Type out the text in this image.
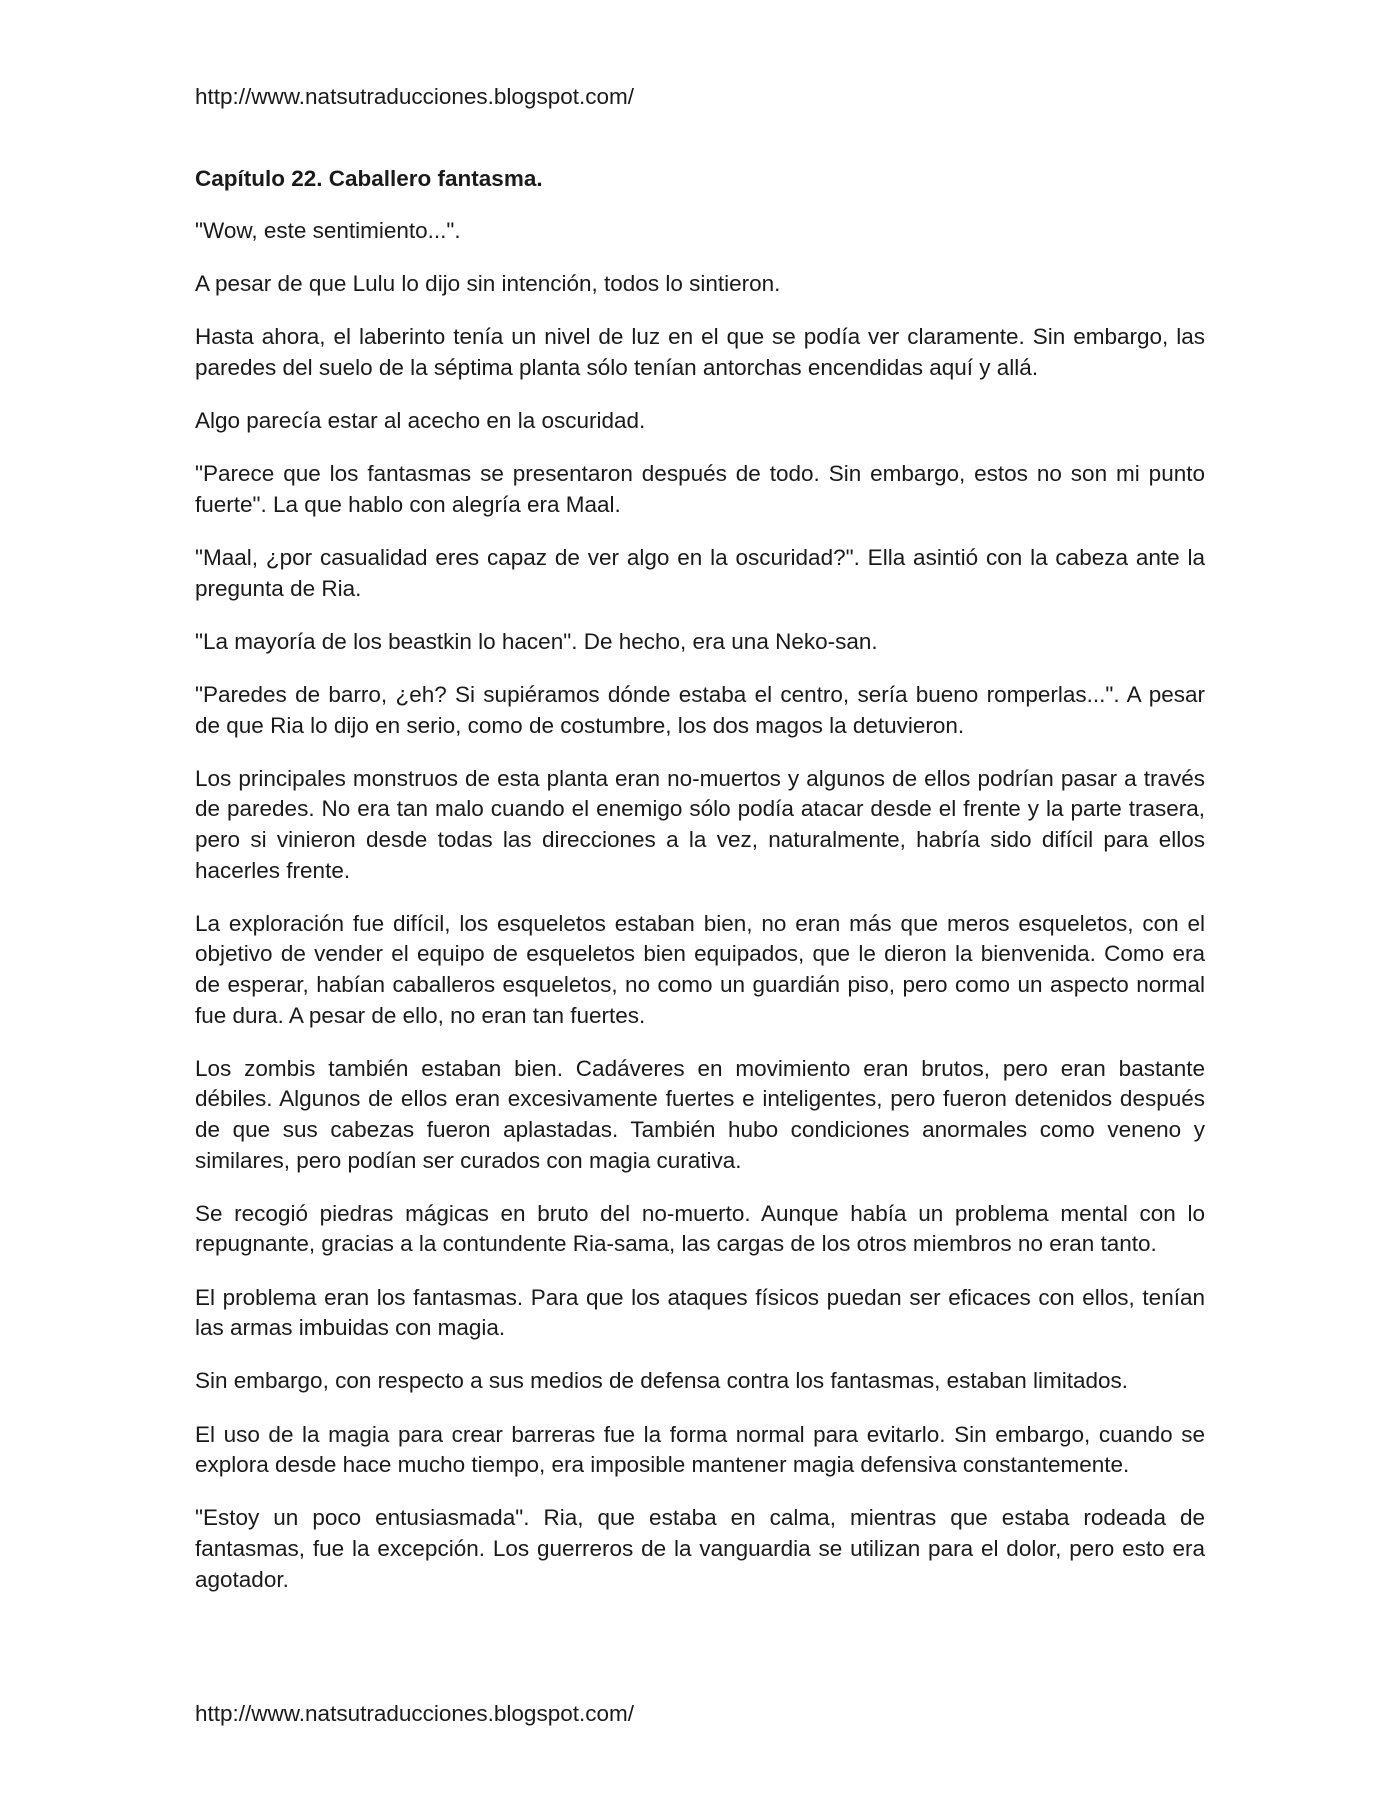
http://www.natsutraducciones.blogspot.com/
Capítulo 22. Caballero fantasma.

"Wow, este sentimiento...".

A pesar de que Lulu lo dijo sin intención, todos lo sintieron.

Hasta ahora, el laberinto tenía un nivel de luz en el que se podía ver claramente. Sin embargo, las paredes del suelo de la séptima planta sólo tenían antorchas encendidas aquí y allá.

Algo parecía estar al acecho en la oscuridad.

"Parece que los fantasmas se presentaron después de todo. Sin embargo, estos no son mi punto fuerte". La que hablo con alegría era Maal.

"Maal, ¿por casualidad eres capaz de ver algo en la oscuridad?". Ella asintió con la cabeza ante la pregunta de Ria.

"La mayoría de los beastkin lo hacen". De hecho, era una Neko-san.

"Paredes de barro, ¿eh? Si supiéramos dónde estaba el centro, sería bueno romperlas...". A pesar de que Ria lo dijo en serio, como de costumbre, los dos magos la detuvieron.

Los principales monstruos de esta planta eran no-muertos y algunos de ellos podrían pasar a través de paredes. No era tan malo cuando el enemigo sólo podía atacar desde el frente y la parte trasera, pero si vinieron desde todas las direcciones a la vez, naturalmente, habría sido difícil para ellos hacerles frente.

La exploración fue difícil, los esqueletos estaban bien, no eran más que meros esqueletos, con el objetivo de vender el equipo de esqueletos bien equipados, que le dieron la bienvenida. Como era de esperar, habían caballeros esqueletos, no como un guardián piso, pero como un aspecto normal fue dura. A pesar de ello, no eran tan fuertes.

Los zombis también estaban bien. Cadáveres en movimiento eran brutos, pero eran bastante débiles. Algunos de ellos eran excesivamente fuertes e inteligentes, pero fueron detenidos después de que sus cabezas fueron aplastadas. También hubo condiciones anormales como veneno y similares, pero podían ser curados con magia curativa.

Se recogió piedras mágicas en bruto del no-muerto. Aunque había un problema mental con lo repugnante, gracias a la contundente Ria-sama, las cargas de los otros miembros no eran tanto.

El problema eran los fantasmas. Para que los ataques físicos puedan ser eficaces con ellos, tenían las armas imbuidas con magia.

Sin embargo, con respecto a sus medios de defensa contra los fantasmas, estaban limitados.

El uso de la magia para crear barreras fue la forma normal para evitarlo. Sin embargo, cuando se explora desde hace mucho tiempo, era imposible mantener magia defensiva constantemente.

"Estoy un poco entusiasmada". Ria, que estaba en calma, mientras que estaba rodeada de fantasmas, fue la excepción. Los guerreros de la vanguardia se utilizan para el dolor, pero esto era agotador.

http://www.natsutraducciones.blogspot.com/
